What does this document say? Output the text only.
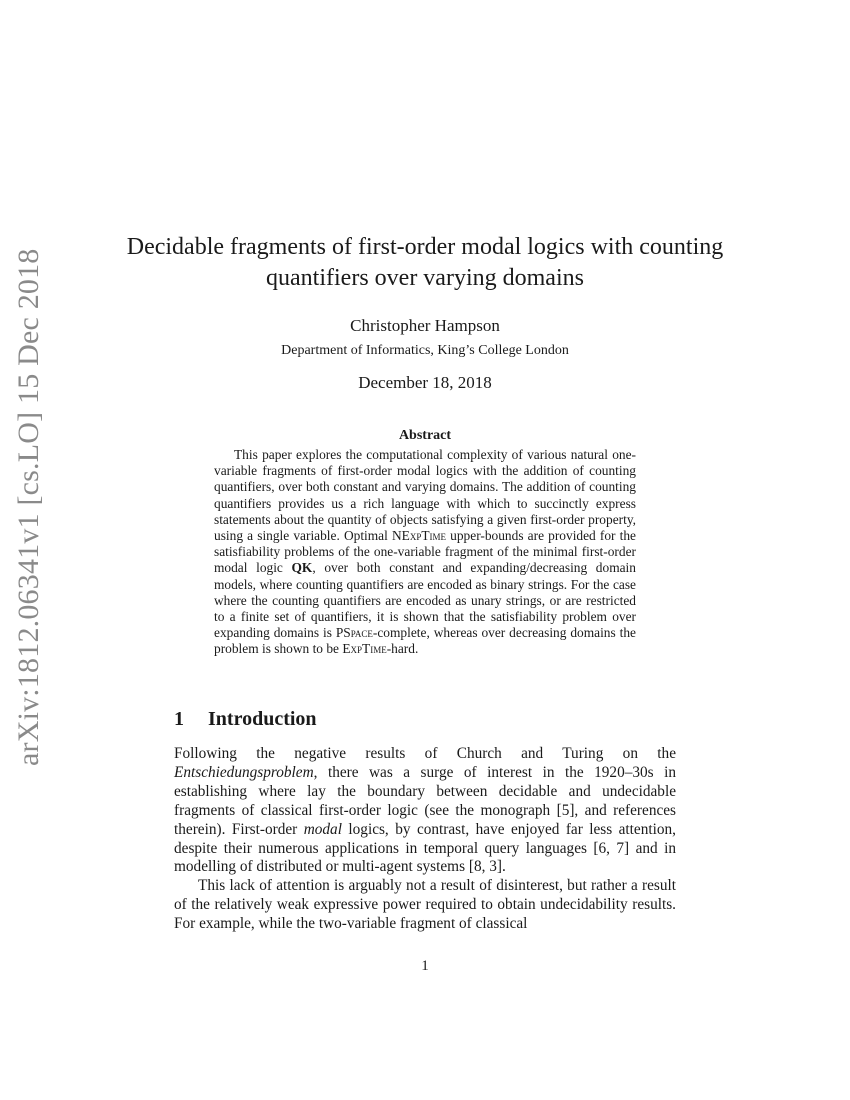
arXiv:1812.06341v1 [cs.LO] 15 Dec 2018
Decidable fragments of first-order modal logics with counting quantifiers over varying domains
Christopher Hampson
Department of Informatics, King’s College London
December 18, 2018
Abstract
This paper explores the computational complexity of various natural one-variable fragments of first-order modal logics with the addition of counting quantifiers, over both constant and varying domains. The addition of counting quantifiers provides us a rich language with which to succinctly express statements about the quantity of objects satisfying a given first-order property, using a single variable. Optimal NExpTime upper-bounds are provided for the satisfiability problems of the one-variable fragment of the minimal first-order modal logic QK, over both constant and expanding/decreasing domain models, where counting quantifiers are encoded as binary strings. For the case where the counting quantifiers are encoded as unary strings, or are restricted to a finite set of quantifiers, it is shown that the satisfiability problem over expanding domains is PSpace-complete, whereas over decreasing domains the problem is shown to be ExpTime-hard.
1 Introduction

Following the negative results of Church and Turing on the Entschiedungsproblem, there was a surge of interest in the 1920–30s in establishing where lay the boundary between decidable and undecidable fragments of classical first-order logic (see the monograph [5], and references therein). First-order modal logics, by contrast, have enjoyed far less attention, despite their numerous applications in temporal query languages [6, 7] and in modelling of distributed or multi-agent systems [8, 3].

This lack of attention is arguably not a result of disinterest, but rather a result of the relatively weak expressive power required to obtain undecidability results. For example, while the two-variable fragment of classical

1
